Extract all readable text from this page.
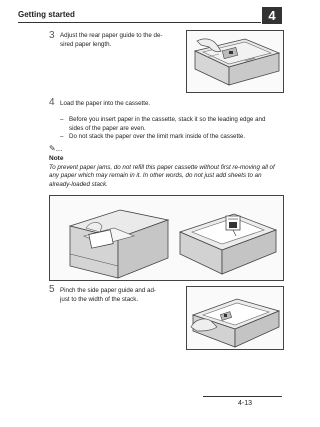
Getting started	4
3 Adjust the rear paper guide to the de-
sired paper length.
4 Load the paper into the cassette.
– Before you insert paper in the cassette, stack it so the leading edge and sides of the paper are even.
– Do not stack the paper over the limit mark inside of the cassette.
✎...
Note
To prevent paper jams, do not refill this paper cassette without first re-moving all of any paper which may remain in it. In other words, do not just add sheets to an already-loaded stack.
5 Pinch the side paper guide and ad-
just to the width of the stack.
4-13
